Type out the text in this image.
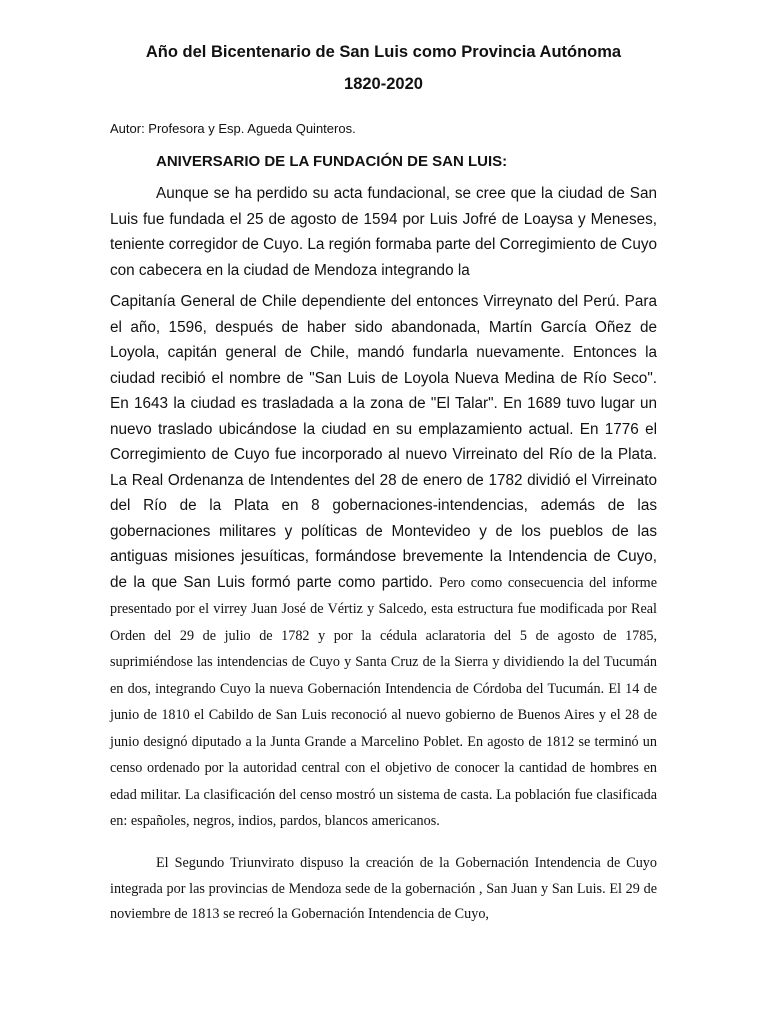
Año del Bicentenario de San Luis como Provincia Autónoma
1820-2020

Autor: Profesora y Esp. Agueda Quinteros.

ANIVERSARIO DE LA FUNDACIÓN DE SAN LUIS:

Aunque se ha perdido su acta fundacional, se cree que la ciudad de San Luis fue fundada el 25 de agosto de 1594 por Luis Jofré de Loaysa y Meneses, teniente corregidor de Cuyo. La región formaba parte del Corregimiento de Cuyo con cabecera en la ciudad de Mendoza integrando la

Capitanía General de Chile dependiente del entonces Virreynato del Perú. Para el año, 1596, después de haber sido abandonada, Martín García Oñez de Loyola, capitán general de Chile, mandó fundarla nuevamente. Entonces la ciudad recibió el nombre de "San Luis de Loyola Nueva Medina de Río Seco". En 1643 la ciudad es trasladada a la zona de "El Talar". En 1689 tuvo lugar un nuevo traslado ubicándose la ciudad en su emplazamiento actual. En 1776 el Corregimiento de Cuyo fue incorporado al nuevo Virreinato del Río de la Plata. La Real Ordenanza de Intendentes del 28 de enero de 1782 dividió el Virreinato del Río de la Plata en 8 gobernaciones-intendencias, además de las gobernaciones militares y políticas de Montevideo y de los pueblos de las antiguas misiones jesuíticas, formándose brevemente la Intendencia de Cuyo, de la que San Luis formó parte como partido. Pero como consecuencia del informe presentado por el virrey Juan José de Vértiz y Salcedo, esta estructura fue modificada por Real Orden del 29 de julio de 1782 y por la cédula aclaratoria del 5 de agosto de 1785, suprimiéndose las intendencias de Cuyo y Santa Cruz de la Sierra y dividiendo la del Tucumán en dos, integrando Cuyo la nueva Gobernación Intendencia de Córdoba del Tucumán. El 14 de junio de 1810 el Cabildo de San Luis reconoció al nuevo gobierno de Buenos Aires y el 28 de junio designó diputado a la Junta Grande a Marcelino Poblet. En agosto de 1812 se terminó un censo ordenado por la autoridad central con el objetivo de conocer la cantidad de hombres en edad militar. La clasificación del censo mostró un sistema de casta. La población fue clasificada en: españoles, negros, indios, pardos, blancos americanos.

El Segundo Triunvirato dispuso la creación de la Gobernación Intendencia de Cuyo integrada por las provincias de Mendoza sede de la gobernación , San Juan y San Luis. El 29 de noviembre de 1813 se recreó la Gobernación Intendencia de Cuyo,
